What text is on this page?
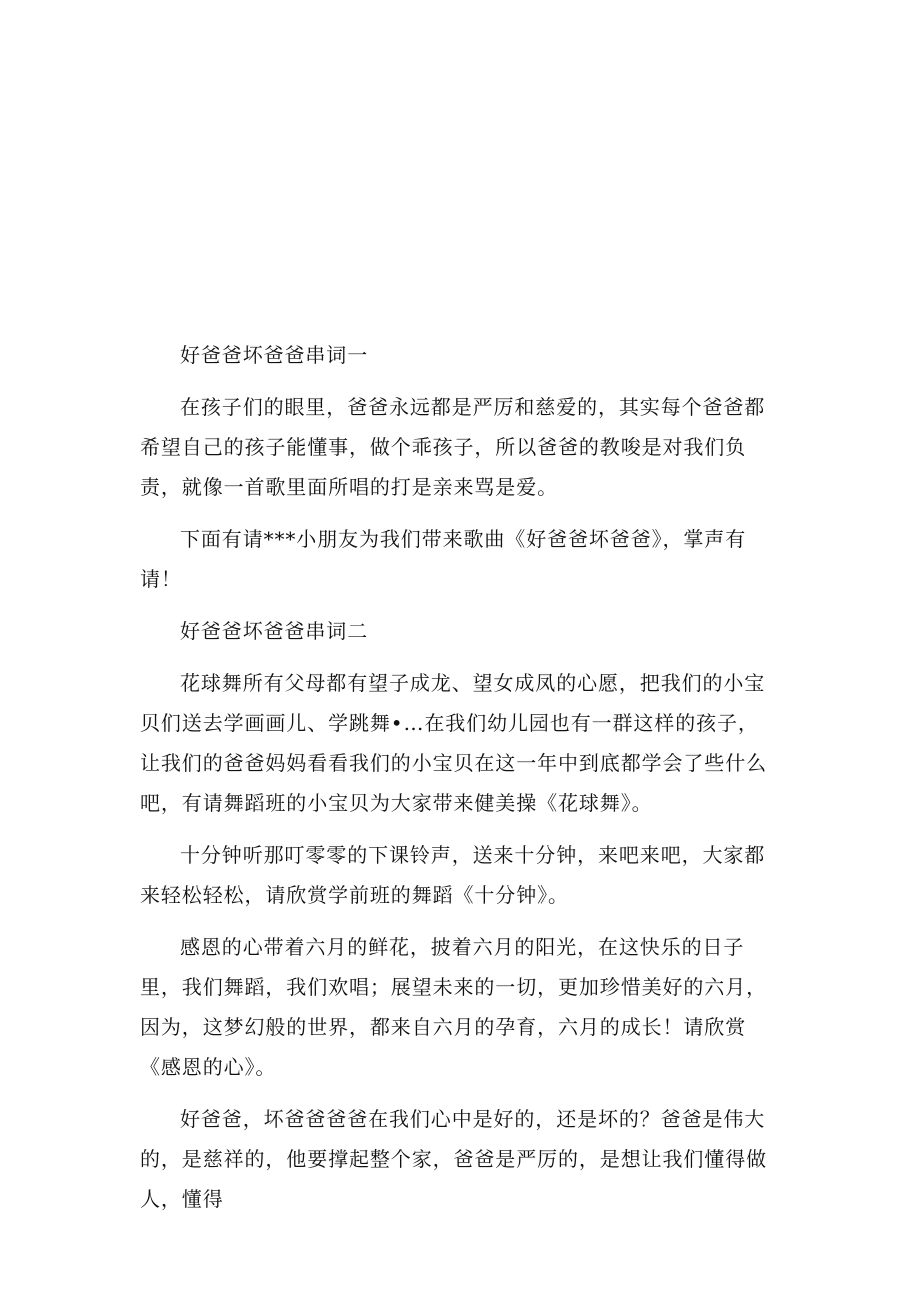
好爸爸坏爸爸串词一

在孩子们的眼里，爸爸永远都是严厉和慈爱的，其实每个爸爸都希望自己的孩子能懂事，做个乖孩子，所以爸爸的教唆是对我们负责，就像一首歌里面所唱的打是亲来骂是爱。

下面有请***小朋友为我们带来歌曲《好爸爸坏爸爸》，掌声有请！

好爸爸坏爸爸串词二

花球舞所有父母都有望子成龙、望女成凤的心愿，把我们的小宝贝们送去学画画儿、学跳舞•…在我们幼儿园也有一群这样的孩子，让我们的爸爸妈妈看看我们的小宝贝在这一年中到底都学会了些什么吧，有请舞蹈班的小宝贝为大家带来健美操《花球舞》。

十分钟听那叮零零的下课铃声，送来十分钟，来吧来吧，大家都来轻松轻松，请欣赏学前班的舞蹈《十分钟》。

感恩的心带着六月的鲜花，披着六月的阳光，在这快乐的日子里，我们舞蹈，我们欢唱；展望未来的一切，更加珍惜美好的六月，因为，这梦幻般的世界，都来自六月的孕育，六月的成长！请欣赏《感恩的心》。

好爸爸，坏爸爸爸爸在我们心中是好的，还是坏的？爸爸是伟大的，是慈祥的，他要撑起整个家，爸爸是严厉的，是想让我们懂得做人，懂得
